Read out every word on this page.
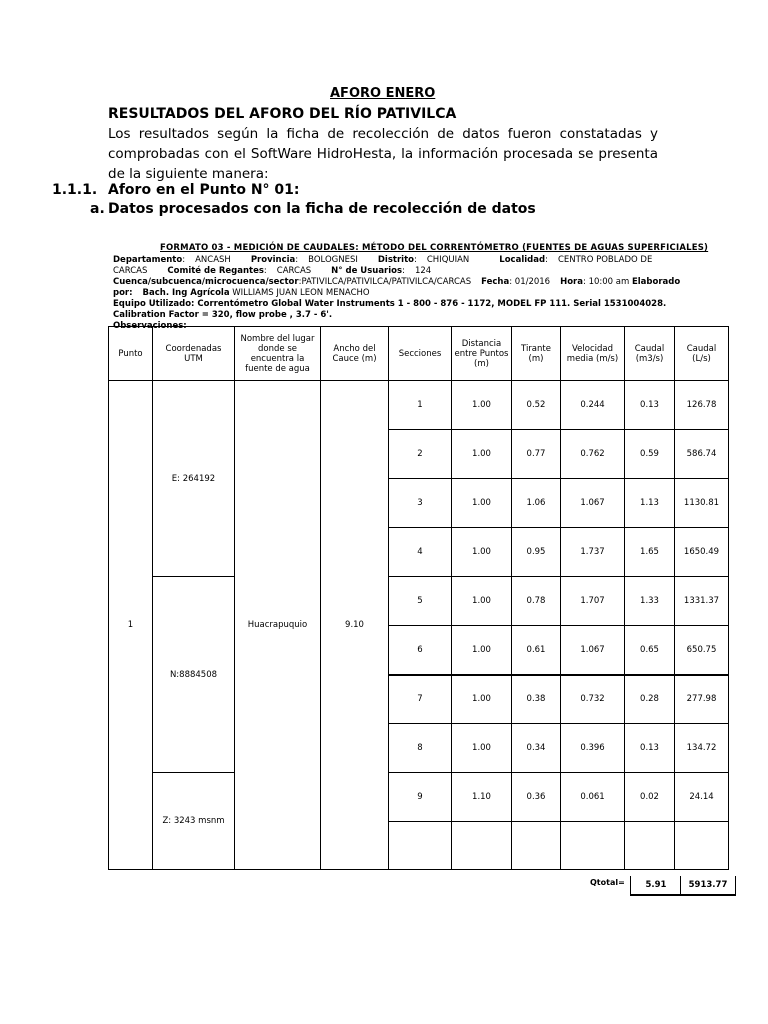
AFORO ENERO
RESULTADOS DEL AFORO DEL RÍO PATIVILCA
Los resultados según la ficha de recolección de datos fueron constatadas y comprobadas con el SoftWare HidroHesta, la información procesada se presenta de la siguiente manera:
1.1.1. Aforo en el Punto N° 01:
a. Datos procesados con la ficha de recolección de datos
FORMATO 03 - MEDICIÓN DE CAUDALES: MÉTODO DEL CORRENTÓMETRO (FUENTES DE AGUAS SUPERFICIALES)
Departamento: ANCASH Provincia: BOLOGNESI Distrito: CHIQUIAN	Localidad: CENTRO POBLADO DE
CARCAS Comité de Regantes: CARCAS N° de Usuarios: 124
Cuenca/subcuenca/microcuenca/sector:PATIVILCA/PATIVILCA/PATIVILCA/CARCAS Fecha: 01/2016 Hora: 10:00 am Elaborado
por: Bach. Ing Agrícola WILLIAMS JUAN LEON MENACHO
Equipo Utilizado: Correntómetro Global Water Instruments 1 - 800 - 876 - 1172, MODEL FP 111. Serial 1531004028.
Calibration Factor = 320, flow probe , 3.7 - 6'.
Observaciones:
Punto	Coordenadas UTM	Nombre del lugar donde se encuentra la fuente de agua	Ancho del Cauce (m)	Secciones	Distancia entre Puntos (m)	Tirante (m)	Velocidad media (m/s)	Caudal (m3/s)	Caudal (L/s)
1	E: 264192	Huacrapuquio	9.10	1	1.00	0.52	0.244	0.13	126.78
				2	1.00	0.77	0.762	0.59	586.74
				3	1.00	1.06	1.067	1.13	1130.81
				4	1.00	0.95	1.737	1.65	1650.49
	N:8884508			5	1.00	0.78	1.707	1.33	1331.37
				6	1.00	0.61	1.067	0.65	650.75
				7	1.00	0.38	0.732	0.28	277.98
				8	1.00	0.34	0.396	0.13	134.72
	Z: 3243 msnm			9	1.10	0.36	0.061	0.02	24.14

Qtotal=	5.91	5913.77
